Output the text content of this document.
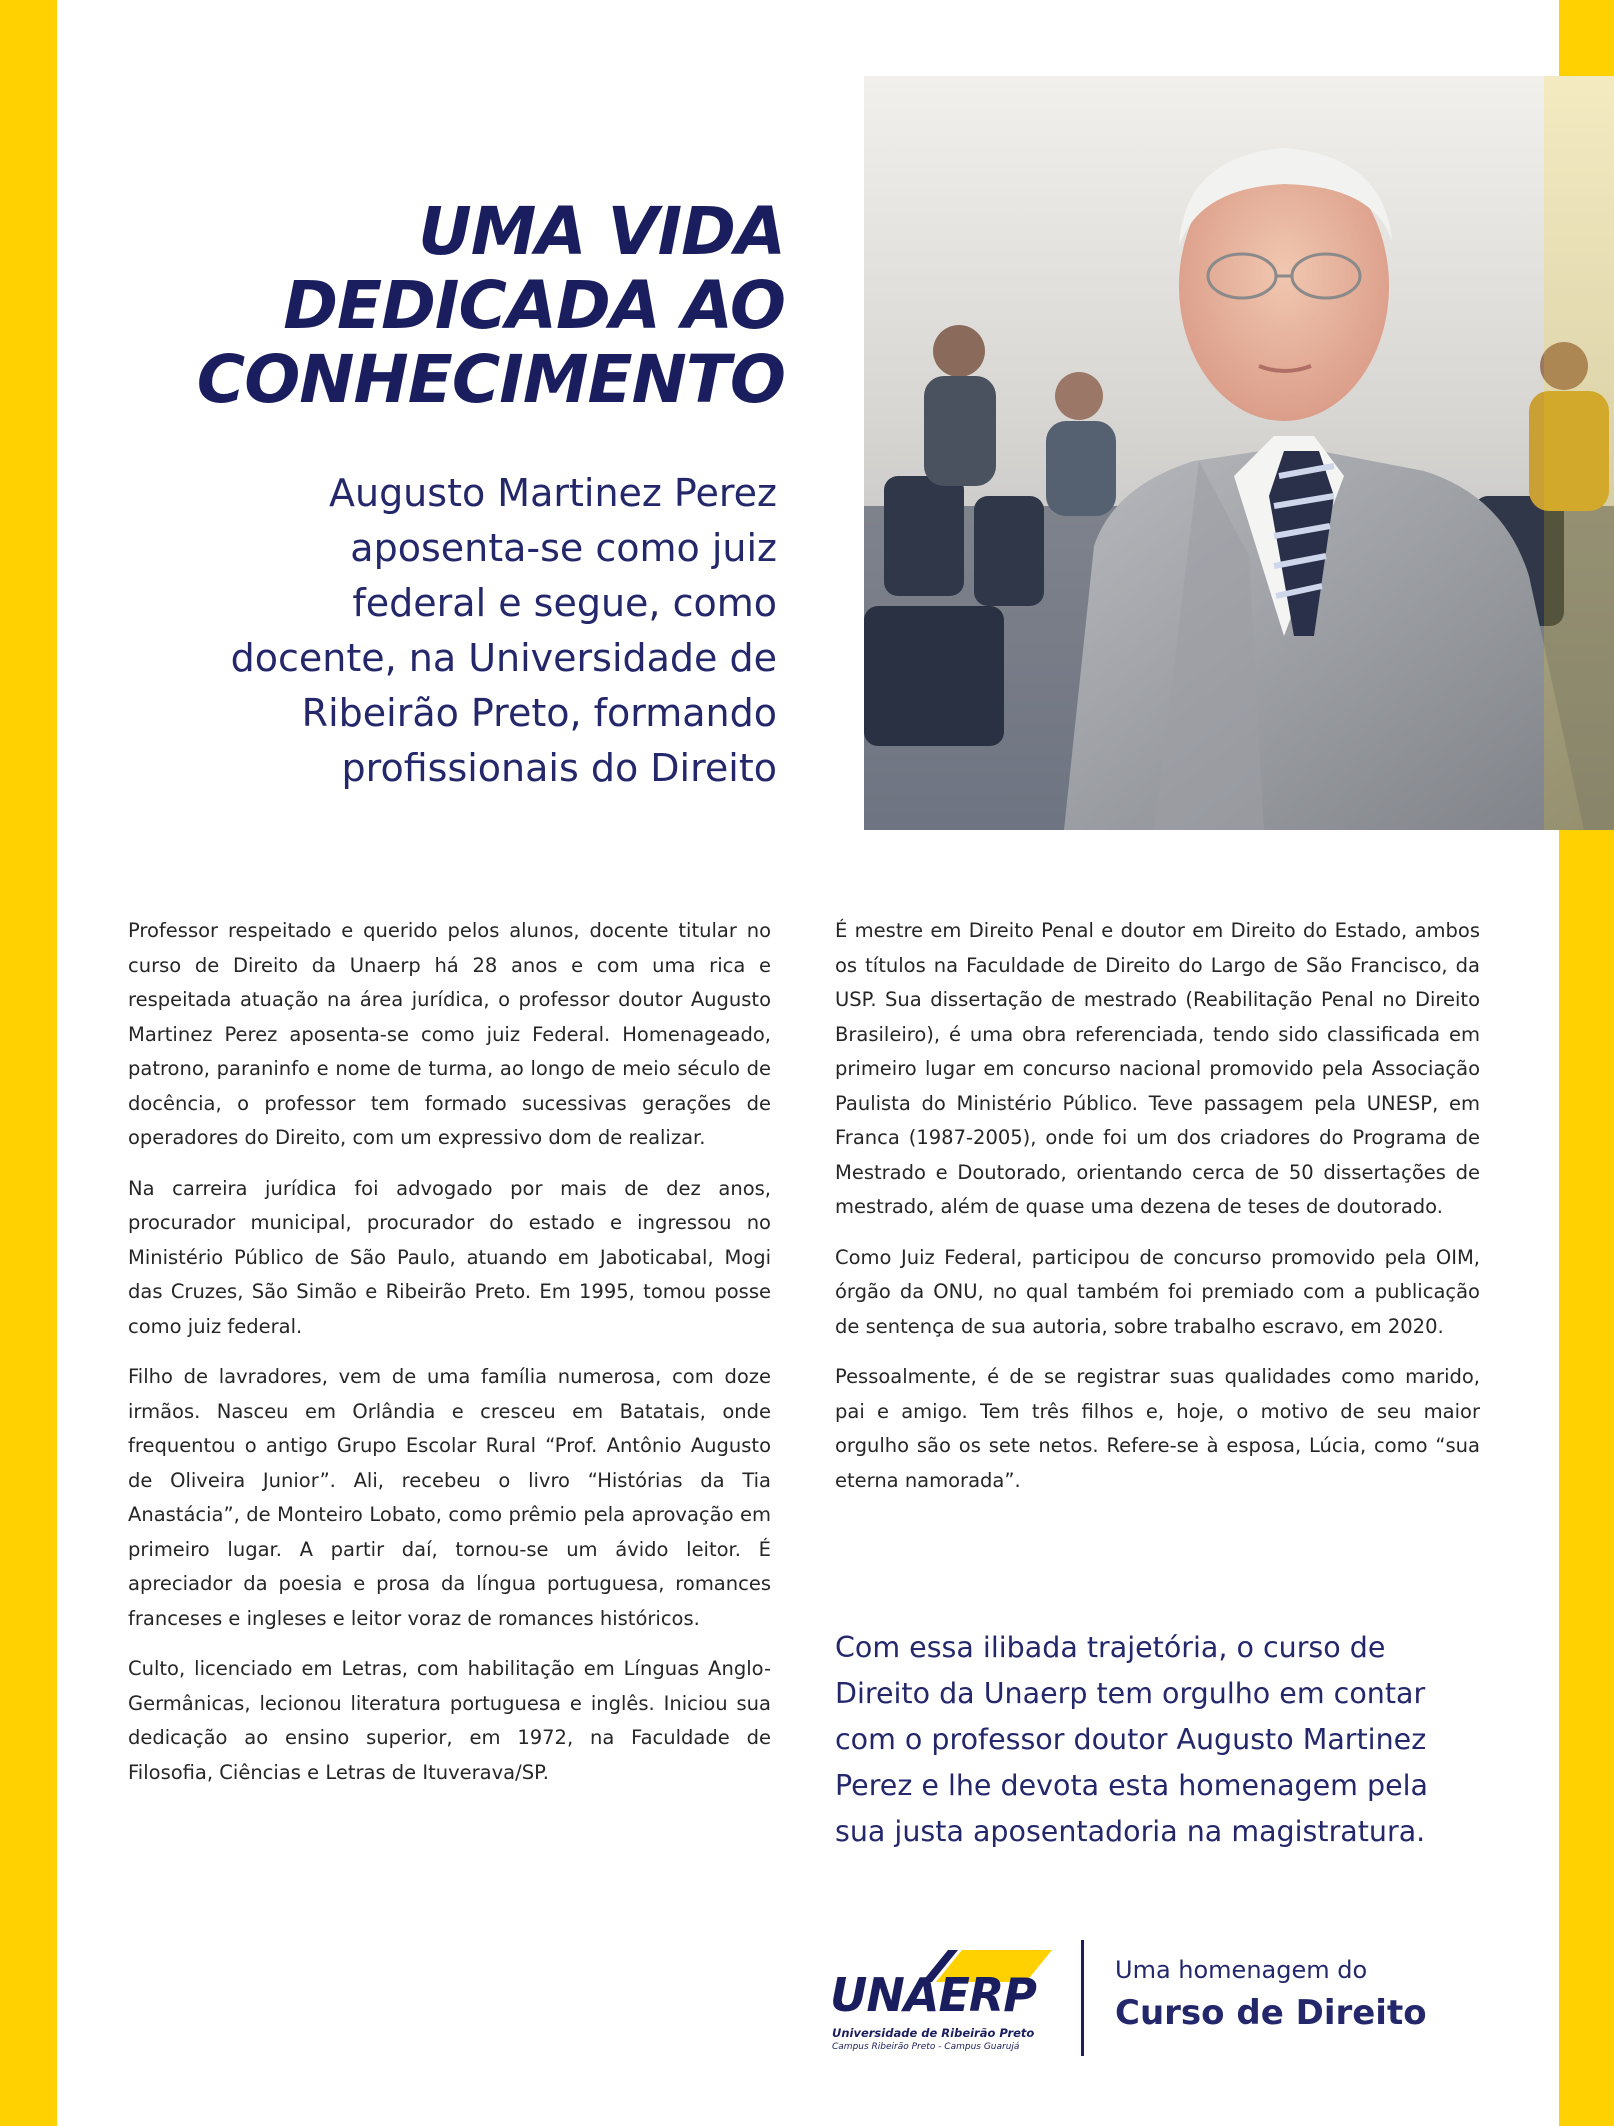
UMA VIDA
DEDICADA AO
CONHECIMENTO
Augusto Martinez Perez
aposenta-se como juiz
federal e segue, como
docente, na Universidade de
Ribeirão Preto, formando
profissionais do Direito

Professor respeitado e querido pelos alunos, docente titular no curso de Direito da Unaerp há 28 anos e com uma rica e respeitada atuação na área jurídica, o professor doutor Augusto Martinez Perez aposenta-se como juiz Federal. Homenageado, patrono, paraninfo e nome de turma, ao longo de meio século de docência, o professor tem formado sucessivas gerações de operadores do Direito, com um expressivo dom de realizar.

Na carreira jurídica foi advogado por mais de dez anos, procurador municipal, procurador do estado e ingressou no Ministério Público de São Paulo, atuando em Jaboticabal, Mogi das Cruzes, São Simão e Ribeirão Preto. Em 1995, tomou posse como juiz federal.

Filho de lavradores, vem de uma família numerosa, com doze irmãos. Nasceu em Orlândia e cresceu em Batatais, onde frequentou o antigo Grupo Escolar Rural “Prof. Antônio Augusto de Oliveira Junior”. Ali, recebeu o livro “Histórias da Tia Anastácia”, de Monteiro Lobato, como prêmio pela aprovação em primeiro lugar. A partir daí, tornou-se um ávido leitor. É apreciador da poesia e prosa da língua portuguesa, romances franceses e ingleses e leitor voraz de romances históricos.

Culto, licenciado em Letras, com habilitação em Línguas Anglo-Germânicas, lecionou literatura portuguesa e inglês. Iniciou sua dedicação ao ensino superior, em 1972, na Faculdade de Filosofia, Ciências e Letras de Ituverava/SP.

É mestre em Direito Penal e doutor em Direito do Estado, ambos os títulos na Faculdade de Direito do Largo de São Francisco, da USP. Sua dissertação de mestrado (Reabilitação Penal no Direito Brasileiro), é uma obra referenciada, tendo sido classificada em primeiro lugar em concurso nacional promovido pela Associação Paulista do Ministério Público. Teve passagem pela UNESP, em Franca (1987-2005), onde foi um dos criadores do Programa de Mestrado e Doutorado, orientando cerca de 50 dissertações de mestrado, além de quase uma dezena de teses de doutorado.

Como Juiz Federal, participou de concurso promovido pela OIM, órgão da ONU, no qual também foi premiado com a publicação de sentença de sua autoria, sobre trabalho escravo, em 2020.

Pessoalmente, é de se registrar suas qualidades como marido, pai e amigo. Tem três filhos e, hoje, o motivo de seu maior orgulho são os sete netos. Refere-se à esposa, Lúcia, como “sua eterna namorada”.

Com essa ilibada trajetória, o curso de
Direito da Unaerp tem orgulho em contar
com o professor doutor Augusto Martinez
Perez e lhe devota esta homenagem pela
sua justa aposentadoria na magistratura.

UNAERP
Universidade de Ribeirão Preto
Campus Ribeirão Preto - Campus Guarujá
Uma homenagem do
Curso de Direito
